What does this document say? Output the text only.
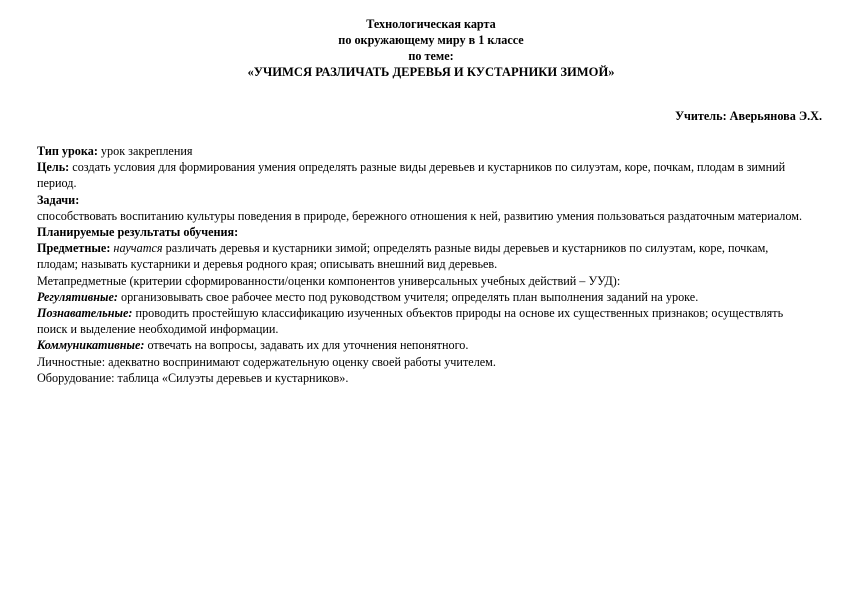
Технологическая карта
по окружающему миру в 1 классе
по теме:
«УЧИМСЯ РАЗЛИЧАТЬ ДЕРЕВЬЯ И КУСТАРНИКИ ЗИМОЙ»
Учитель: Аверьянова Э.Х.

Тип урока: урок закрепления

Цель: создать условия для формирования умения определять разные виды деревьев и кустарников по силуэтам, коре, почкам, плодам в зимний период.

Задачи:

способствовать воспитанию культуры поведения в природе, бережного отношения к ней, развитию умения пользоваться раздаточным материалом.

Планируемые результаты обучения:

Предметные: научатся различать деревья и кустарники зимой; определять разные виды деревьев и кустарников по силуэтам, коре, почкам, плодам; называть кустарники и деревья родного края; описывать внешний вид деревьев.

Метапредметные (критерии сформированности/оценки компонентов универсальных учебных действий – УУД):

Регулятивные: организовывать свое рабочее место под руководством учителя; определять план выполнения заданий на уроке.

Познавательные: проводить простейшую классификацию изученных объектов природы на основе их существенных признаков; осуществлять поиск и выделение необходимой информации.

Коммуникативные: отвечать на вопросы, задавать их для уточнения непонятного.

Личностные: адекватно воспринимают содержательную оценку своей работы учителем.

Оборудование: таблица «Силуэты деревьев и кустарников».
